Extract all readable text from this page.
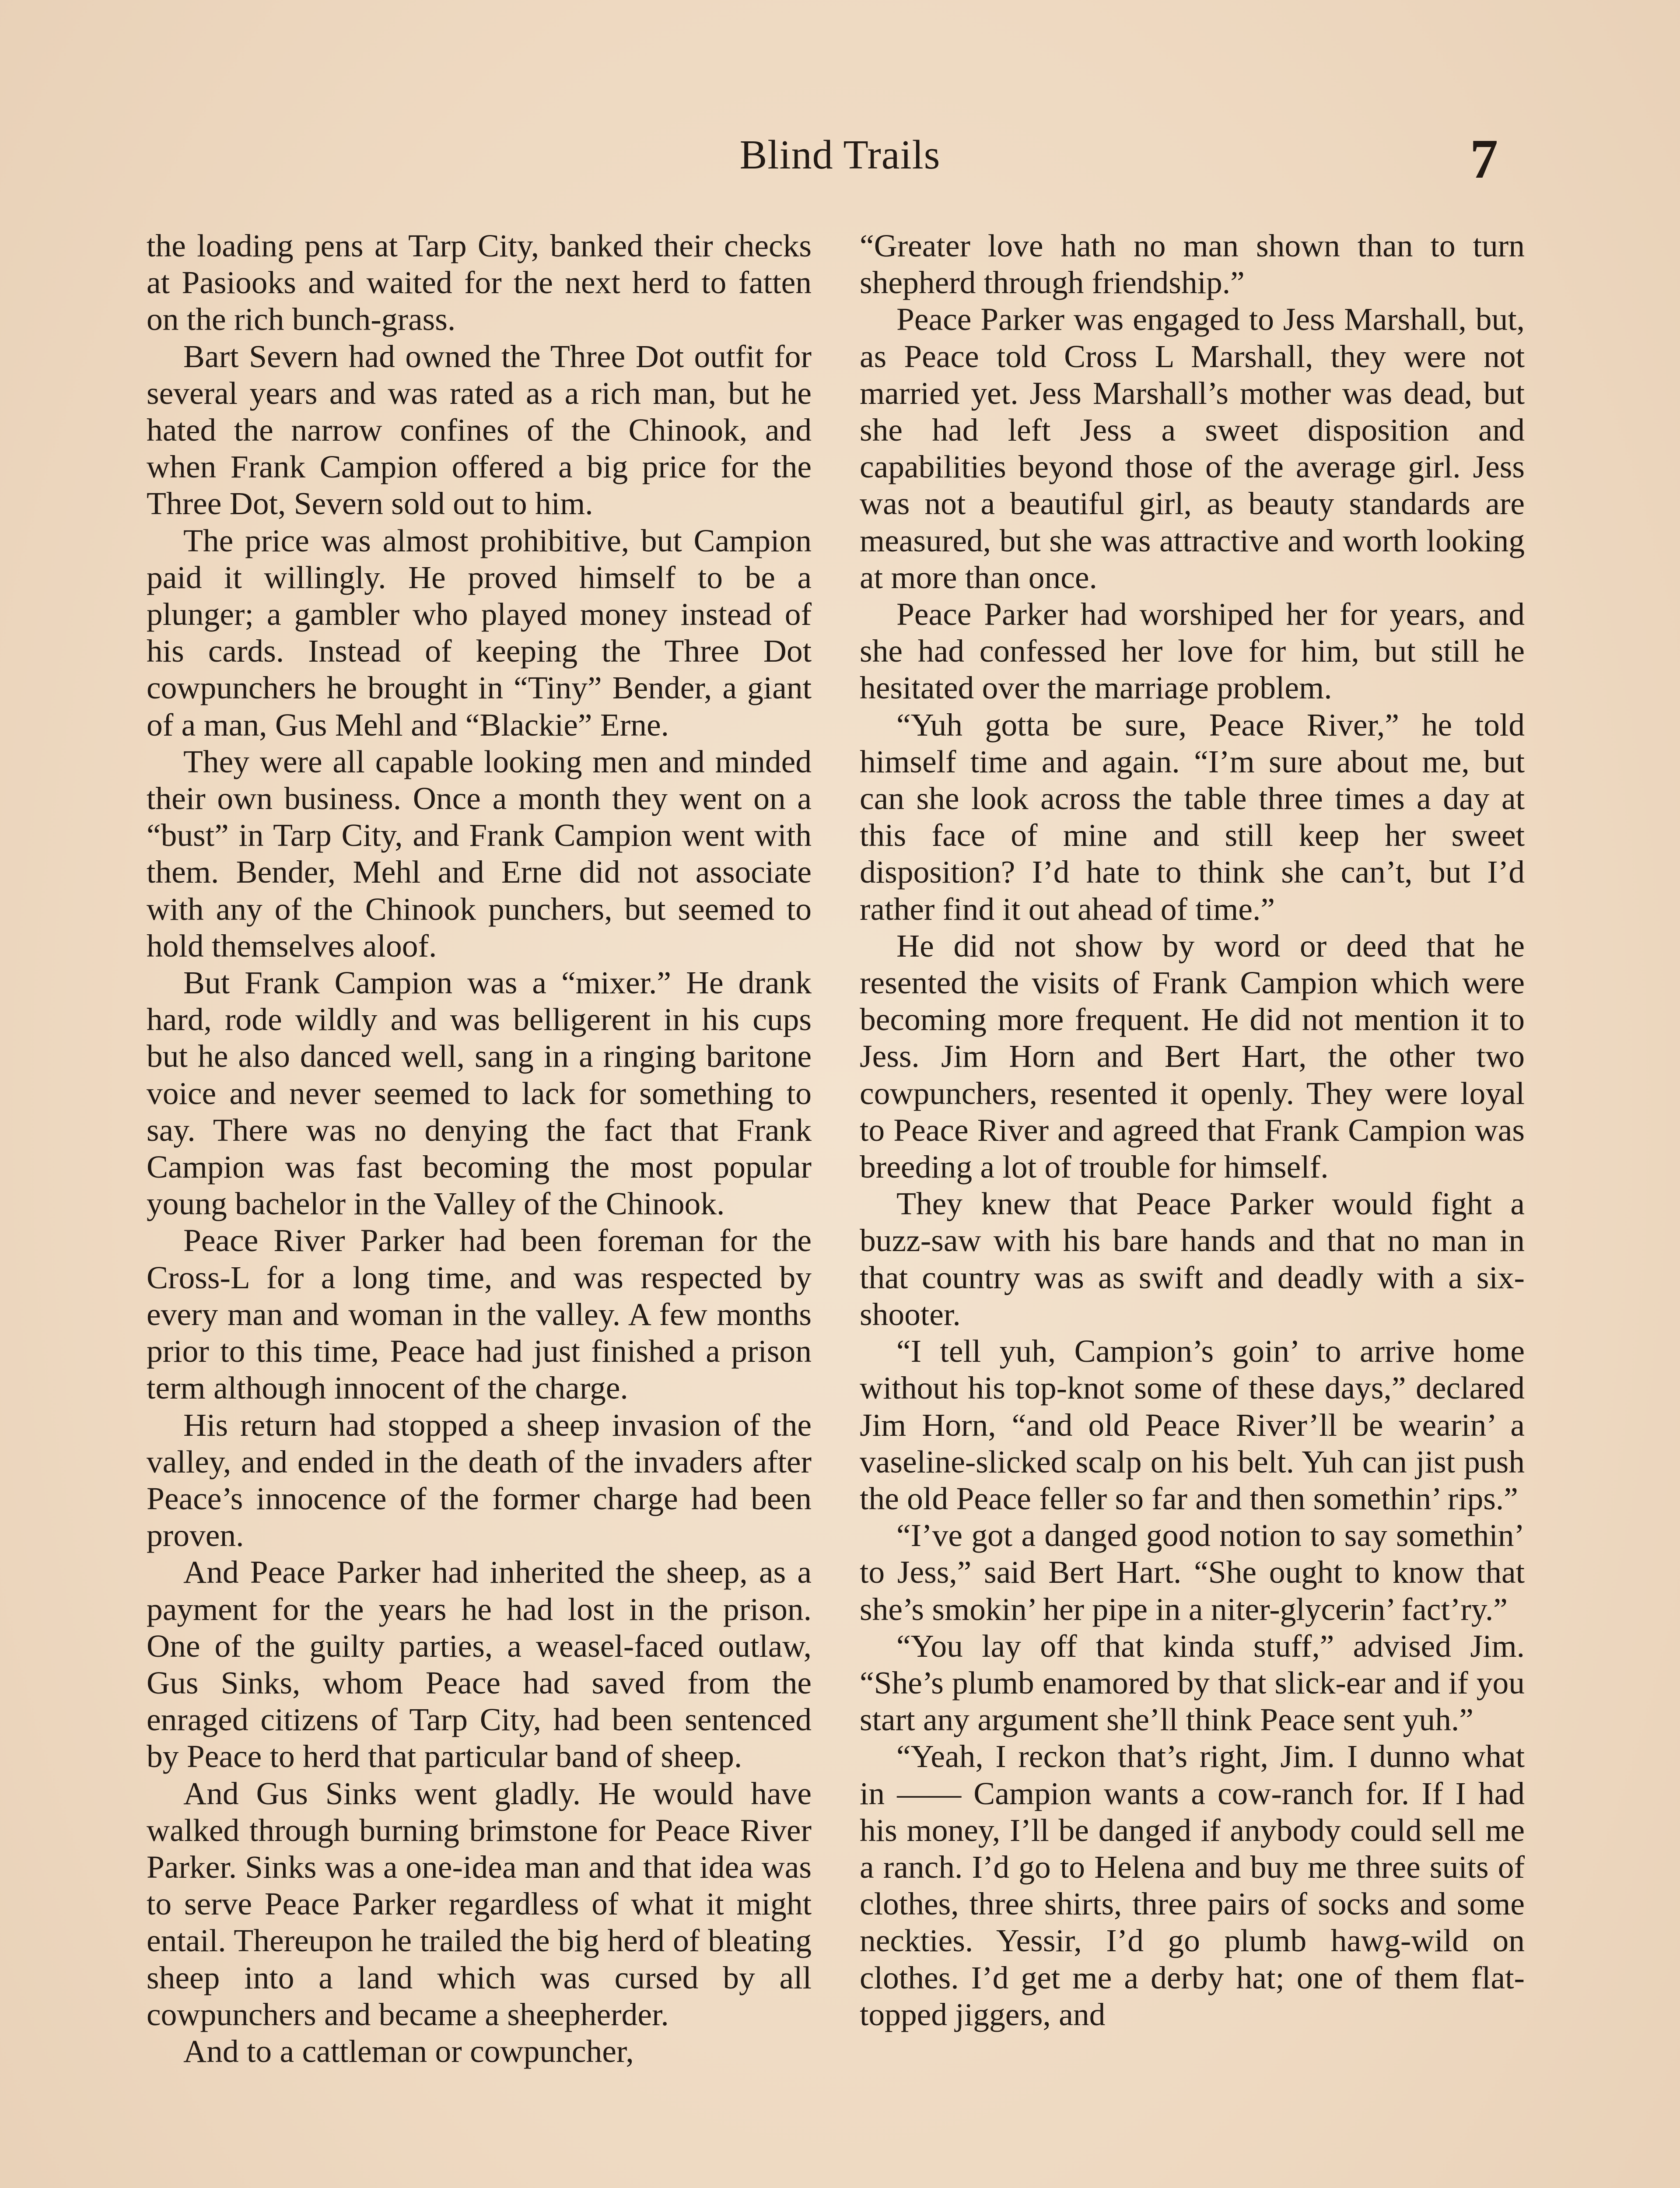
Blind Trails	7

the loading pens at Tarp City, banked their checks at Pasiooks and waited for the next herd to fatten on the rich bunch-grass.

Bart Severn had owned the Three Dot outfit for several years and was rated as a rich man, but he hated the narrow confines of the Chinook, and when Frank Campion offered a big price for the Three Dot, Severn sold out to him.

The price was almost prohibitive, but Campion paid it willingly. He proved himself to be a plunger; a gambler who played money instead of his cards. Instead of keeping the Three Dot cowpunchers he brought in “Tiny” Bender, a giant of a man, Gus Mehl and “Blackie” Erne.

They were all capable looking men and minded their own business. Once a month they went on a “bust” in Tarp City, and Frank Campion went with them. Bender, Mehl and Erne did not associate with any of the Chinook punchers, but seemed to hold themselves aloof.

But Frank Campion was a “mixer.” He drank hard, rode wildly and was belligerent in his cups but he also danced well, sang in a ringing baritone voice and never seemed to lack for something to say. There was no denying the fact that Frank Campion was fast becoming the most popular young bachelor in the Valley of the Chinook.

Peace River Parker had been foreman for the Cross-L for a long time, and was respected by every man and woman in the valley. A few months prior to this time, Peace had just finished a prison term although innocent of the charge.

His return had stopped a sheep invasion of the valley, and ended in the death of the invaders after Peace’s innocence of the former charge had been proven.

And Peace Parker had inherited the sheep, as a payment for the years he had lost in the prison. One of the guilty parties, a weasel-faced outlaw, Gus Sinks, whom Peace had saved from the enraged citizens of Tarp City, had been sentenced by Peace to herd that particular band of sheep.

And Gus Sinks went gladly. He would have walked through burning brimstone for Peace River Parker. Sinks was a one-idea man and that idea was to serve Peace Parker regardless of what it might entail. Thereupon he trailed the big herd of bleating sheep into a land which was cursed by all cowpunchers and became a sheepherder.

And to a cattleman or cowpuncher,

“Greater love hath no man shown than to turn shepherd through friendship.”

Peace Parker was engaged to Jess Marshall, but, as Peace told Cross L Marshall, they were not married yet. Jess Marshall’s mother was dead, but she had left Jess a sweet disposition and capabilities beyond those of the average girl. Jess was not a beautiful girl, as beauty standards are measured, but she was attractive and worth looking at more than once.

Peace Parker had worshiped her for years, and she had confessed her love for him, but still he hesitated over the marriage problem.

“Yuh gotta be sure, Peace River,” he told himself time and again. “I’m sure about me, but can she look across the table three times a day at this face of mine and still keep her sweet disposition? I’d hate to think she can’t, but I’d rather find it out ahead of time.”

He did not show by word or deed that he resented the visits of Frank Campion which were becoming more frequent. He did not mention it to Jess. Jim Horn and Bert Hart, the other two cowpunchers, resented it openly. They were loyal to Peace River and agreed that Frank Campion was breeding a lot of trouble for himself.

They knew that Peace Parker would fight a buzz-saw with his bare hands and that no man in that country was as swift and deadly with a six-shooter.

“I tell yuh, Campion’s goin’ to arrive home without his top-knot some of these days,” declared Jim Horn, “and old Peace River’ll be wearin’ a vaseline-slicked scalp on his belt. Yuh can jist push the old Peace feller so far and then somethin’ rips.”

“I’ve got a danged good notion to say somethin’ to Jess,” said Bert Hart. “She ought to know that she’s smokin’ her pipe in a niter-glycerin’ fact’ry.”

“You lay off that kinda stuff,” advised Jim. “She’s plumb enamored by that slick-ear and if you start any argument she’ll think Peace sent yuh.”

“Yeah, I reckon that’s right, Jim. I dunno what in —— Campion wants a cow-ranch for. If I had his money, I’ll be danged if anybody could sell me a ranch. I’d go to Helena and buy me three suits of clothes, three shirts, three pairs of socks and some neckties. Yessir, I’d go plumb hawg-wild on clothes. I’d get me a derby hat; one of them flat-topped jiggers, and
